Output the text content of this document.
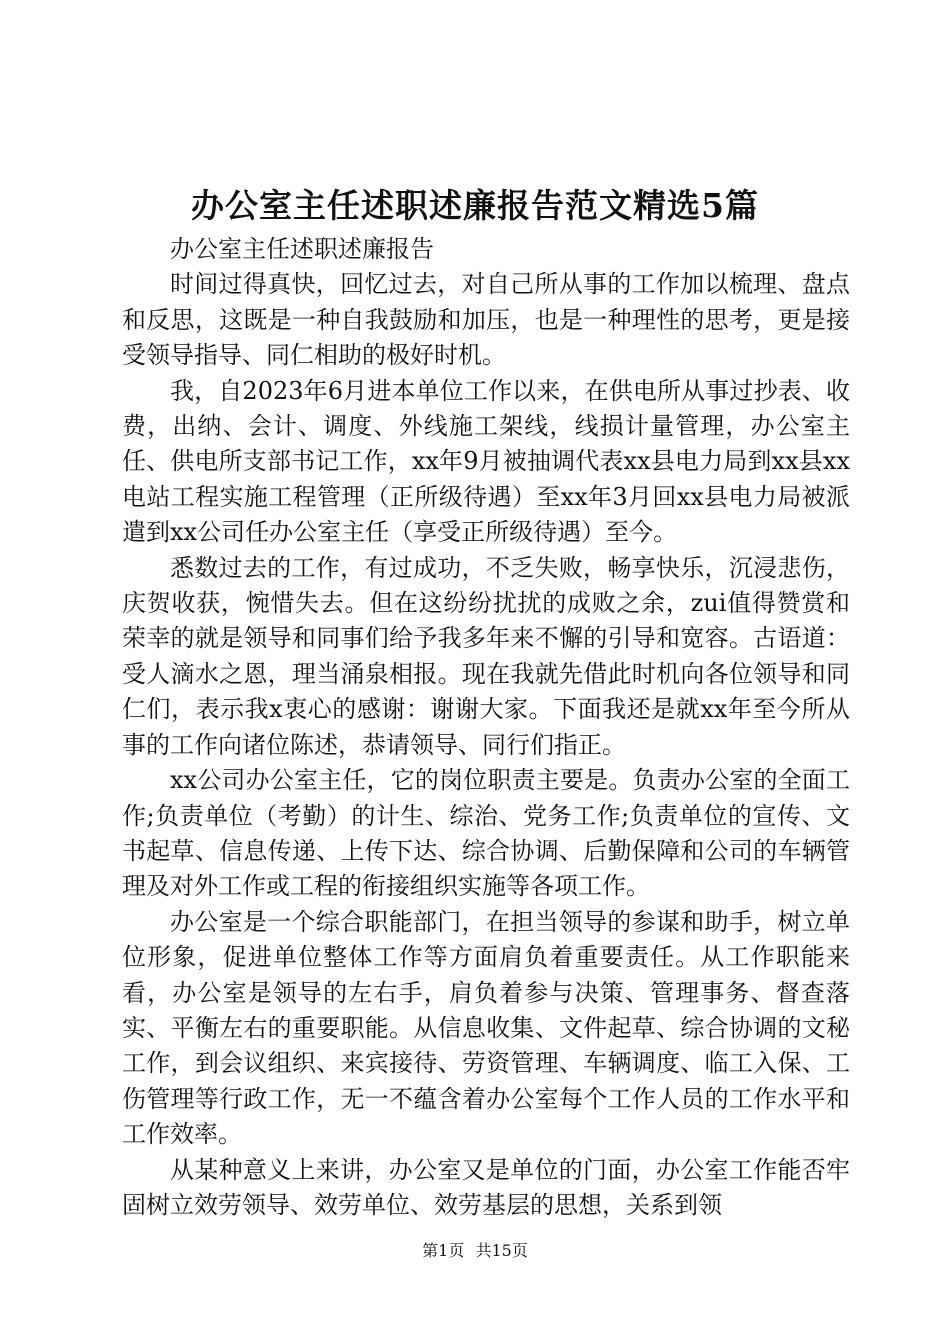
办公室主任述职述廉报告范文精选5篇

办公室主任述职述廉报告

时间过得真快，回忆过去，对自己所从事的工作加以梳理、盘点和反思，这既是一种自我鼓励和加压，也是一种理性的思考，更是接受领导指导、同仁相助的极好时机。

我，自2023年6月进本单位工作以来，在供电所从事过抄表、收费，出纳、会计、调度、外线施工架线，线损计量管理，办公室主任、供电所支部书记工作，xx年9月被抽调代表xx县电力局到xx县xx电站工程实施工程管理（正所级待遇）至xx年3月回xx县电力局被派遣到xx公司任办公室主任（享受正所级待遇）至今。

悉数过去的工作，有过成功，不乏失败，畅享快乐，沉浸悲伤，庆贺收获，惋惜失去。但在这纷纷扰扰的成败之余，zui值得赞赏和荣幸的就是领导和同事们给予我多年来不懈的引导和宽容。古语道：受人滴水之恩，理当涌泉相报。现在我就先借此时机向各位领导和同仁们，表示我x衷心的感谢：谢谢大家。下面我还是就xx年至今所从事的工作向诸位陈述，恭请领导、同行们指正。

xx公司办公室主任，它的岗位职责主要是。负责办公室的全面工作;负责单位（考勤）的计生、综治、党务工作;负责单位的宣传、文书起草、信息传递、上传下达、综合协调、后勤保障和公司的车辆管理及对外工作或工程的衔接组织实施等各项工作。

办公室是一个综合职能部门，在担当领导的参谋和助手，树立单位形象，促进单位整体工作等方面肩负着重要责任。从工作职能来看，办公室是领导的左右手，肩负着参与决策、管理事务、督查落实、平衡左右的重要职能。从信息收集、文件起草、综合协调的文秘工作，到会议组织、来宾接待、劳资管理、车辆调度、临工入保、工伤管理等行政工作，无一不蕴含着办公室每个工作人员的工作水平和工作效率。

从某种意义上来讲，办公室又是单位的门面，办公室工作能否牢固树立效劳领导、效劳单位、效劳基层的思想，关系到领

第1页 共15页
